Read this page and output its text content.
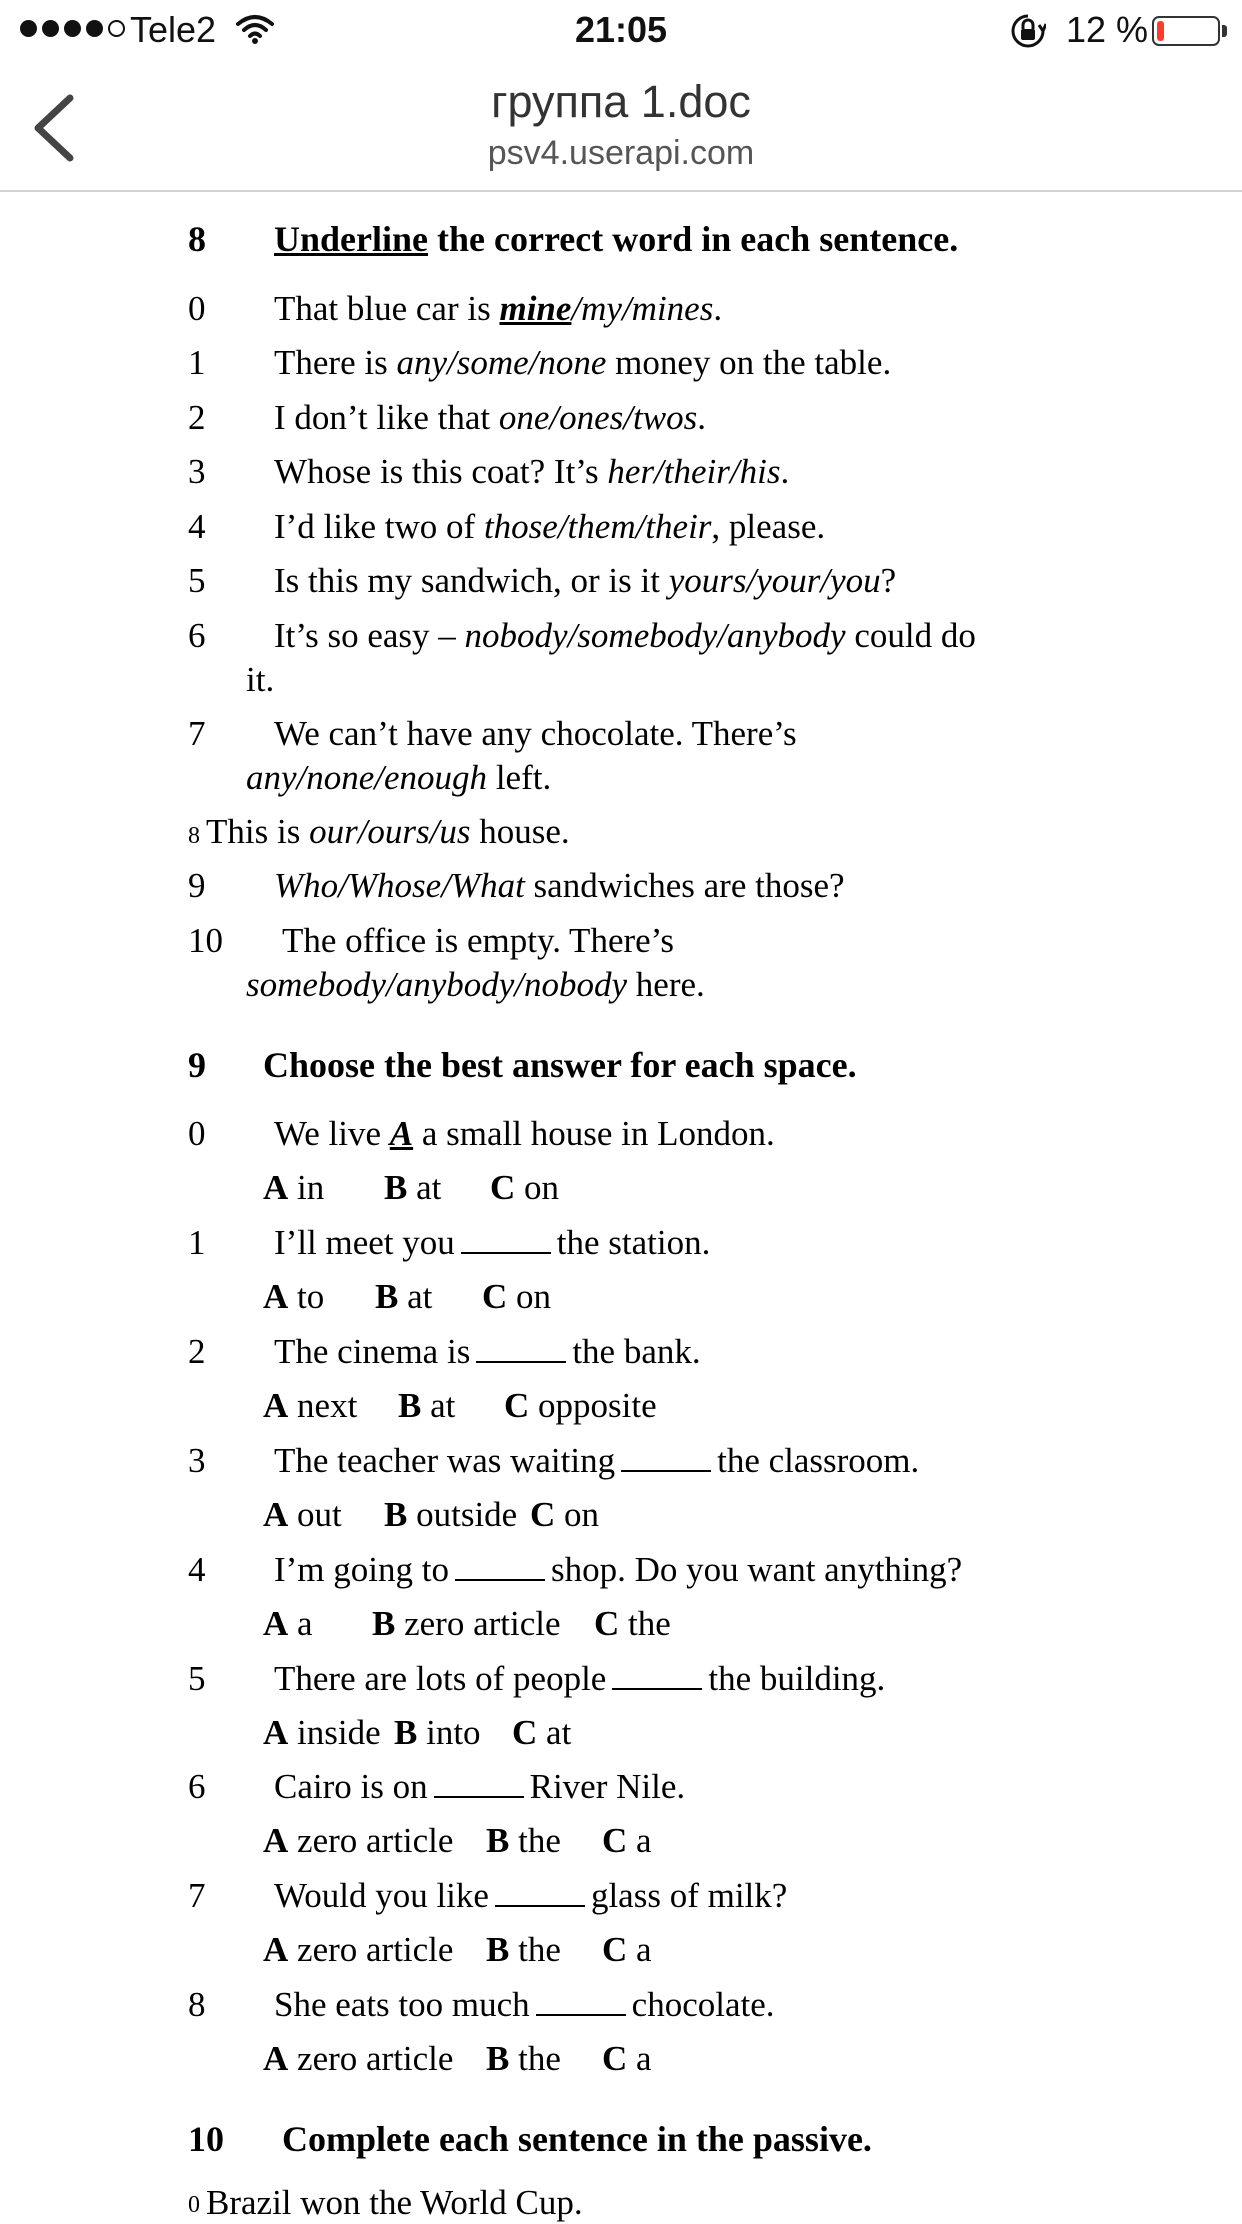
Tele2	21:05	12 %
группа 1.doc
psv4.userapi.com
8 Underline the correct word in each sentence.
0 That blue car is mine/my/mines.
1 There is any/some/none money on the table.
2 I don’t like that one/ones/twos.
3 Whose is this coat? It’s her/their/his.
4 I’d like two of those/them/their, please.
5 Is this my sandwich, or is it yours/your/you?
6 It’s so easy – nobody/somebody/anybody could do
it.
7 We can’t have any chocolate. There’s
any/none/enough left.
8 This is our/ours/us house.
9 Who/Whose/What sandwiches are those?
10 The office is empty. There’s
somebody/anybody/nobody here.
9 Choose the best answer for each space.
0 We live A a small house in London.
A in B at C on
1 I’ll meet you	the station.
A to B at C on
2 The cinema is	the bank.
A next B at C opposite
3 The teacher was waiting	the classroom.
A out B outside C on
4 I’m going to	shop. Do you want anything?
A a B zero article C the
5 There are lots of people	the building.
A inside B into C at
6 Cairo is on	River Nile.
A zero article B the C a
7 Would you like	glass of milk?
A zero article B the C a
8 She eats too much	chocolate.
A zero article B the C a
10 Complete each sentence in the passive.
0 Brazil won the World Cup.
